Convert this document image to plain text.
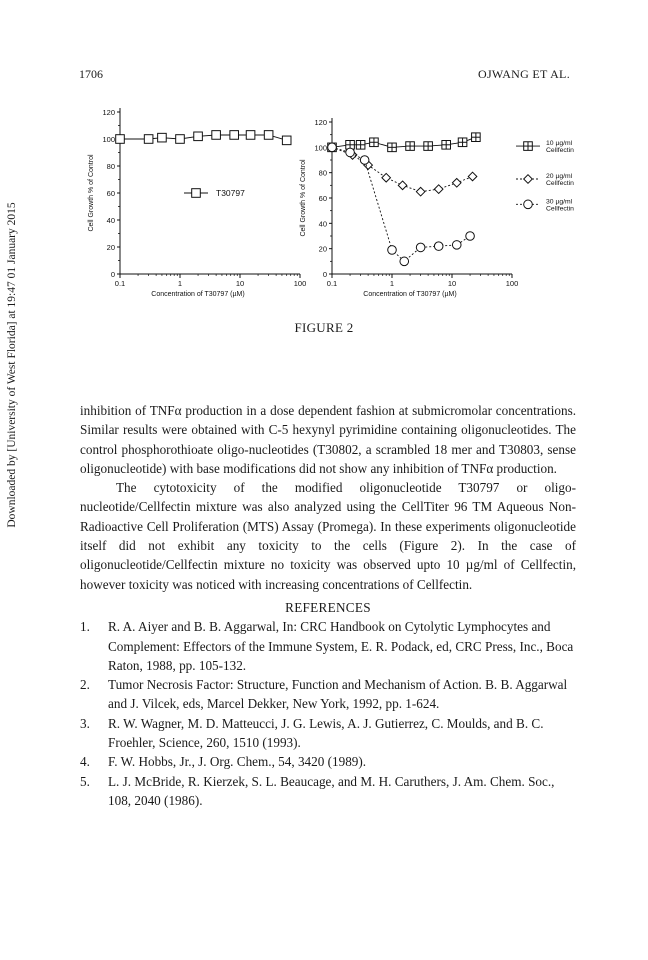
1706	OJWANG ET AL.
Downloaded by [University of West Florida] at 19:47 01 January 2015	0
20
40
60
80
100
120
0.1	1	10	100
Concentration of T30797 (µM)
Cell Growth % of Control	T30797
0
20
40
60
80
100
120
0.1	1	10	100
Concentration of T30797 (µM)
Cell Growth % of Control
10 µg/ml
Cellfectin
20 µg/ml
Cellfectin
30 µg/ml
Cellfectin
FIGURE 2

inhibition of TNFα production in a dose dependent fashion at submicromolar concentrations. Similar results were obtained with C-5 hexynyl pyrimidine containing oligonucleotides. The control phosphorothioate oligo-nucleotides (T30802, a scrambled 18 mer and T30803, sense oligonucleotide) with base modifications did not show any inhibition of TNFα production.

The cytotoxicity of the modified oligonucleotide T30797 or oligo-nucleotide/Cellfectin mixture was also analyzed using the CellTiter 96 TM Aqueous Non-Radioactive Cell Proliferation (MTS) Assay (Promega). In these experiments oligonucleotide itself did not exhibit any toxicity to the cells (Figure 2). In the case of oligonucleotide/Cellfectin mixture no toxicity was observed upto 10 µg/ml of Cellfectin, however toxicity was noticed with increasing concentrations of Cellfectin.

REFERENCES
1. R. A. Aiyer and B. B. Aggarwal, In: CRC Handbook on Cytolytic Lymphocytes and Complement: Effectors of the Immune System, E. R. Podack, ed, CRC Press, Inc., Boca Raton, 1988, pp. 105-132.
2. Tumor Necrosis Factor: Structure, Function and Mechanism of Action. B. B. Aggarwal and J. Vilcek, eds, Marcel Dekker, New York, 1992, pp. 1-624.
3. R. W. Wagner, M. D. Matteucci, J. G. Lewis, A. J. Gutierrez, C. Moulds, and B. C. Froehler, Science, 260, 1510 (1993).
4. F. W. Hobbs, Jr., J. Org. Chem., 54, 3420 (1989).
5. L. J. McBride, R. Kierzek, S. L. Beaucage, and M. H. Caruthers, J. Am. Chem. Soc., 108, 2040 (1986).
